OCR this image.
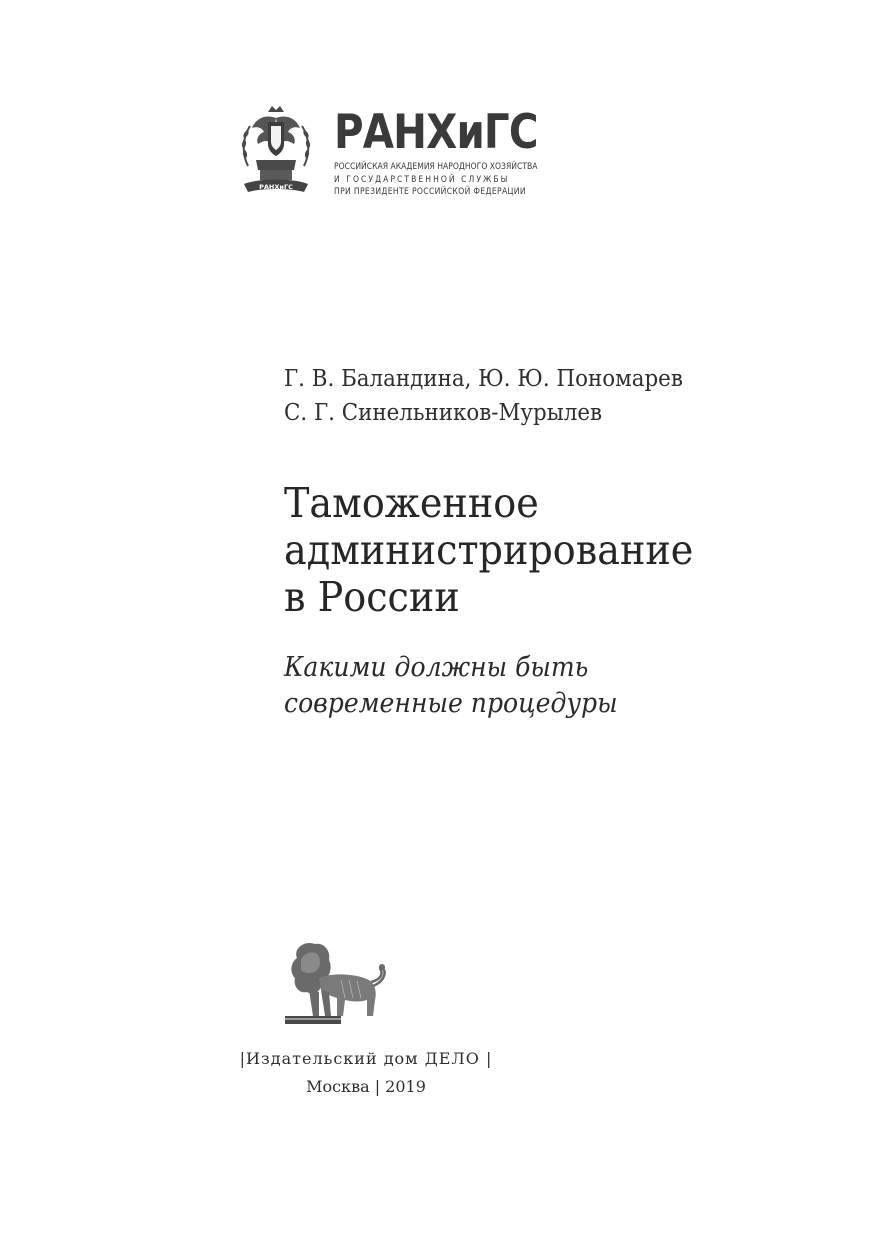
РАНХиГС
РАНХиГС
РОССИЙСКАЯ АКАДЕМИЯ НАРОДНОГО ХОЗЯЙСТВА
И ГОСУДАРСТВЕННОЙ СЛУЖБЫ
ПРИ ПРЕЗИДЕНТЕ РОССИЙСКОЙ ФЕДЕРАЦИИ
Г. В. Баландина, Ю. Ю. Пономарев
С. Г. Синельников-Мурылев
Таможенное
администрирование
в России
Какими должны быть
современные процедуры
|Издательский дом ДЕЛО |
Москва | 2019
